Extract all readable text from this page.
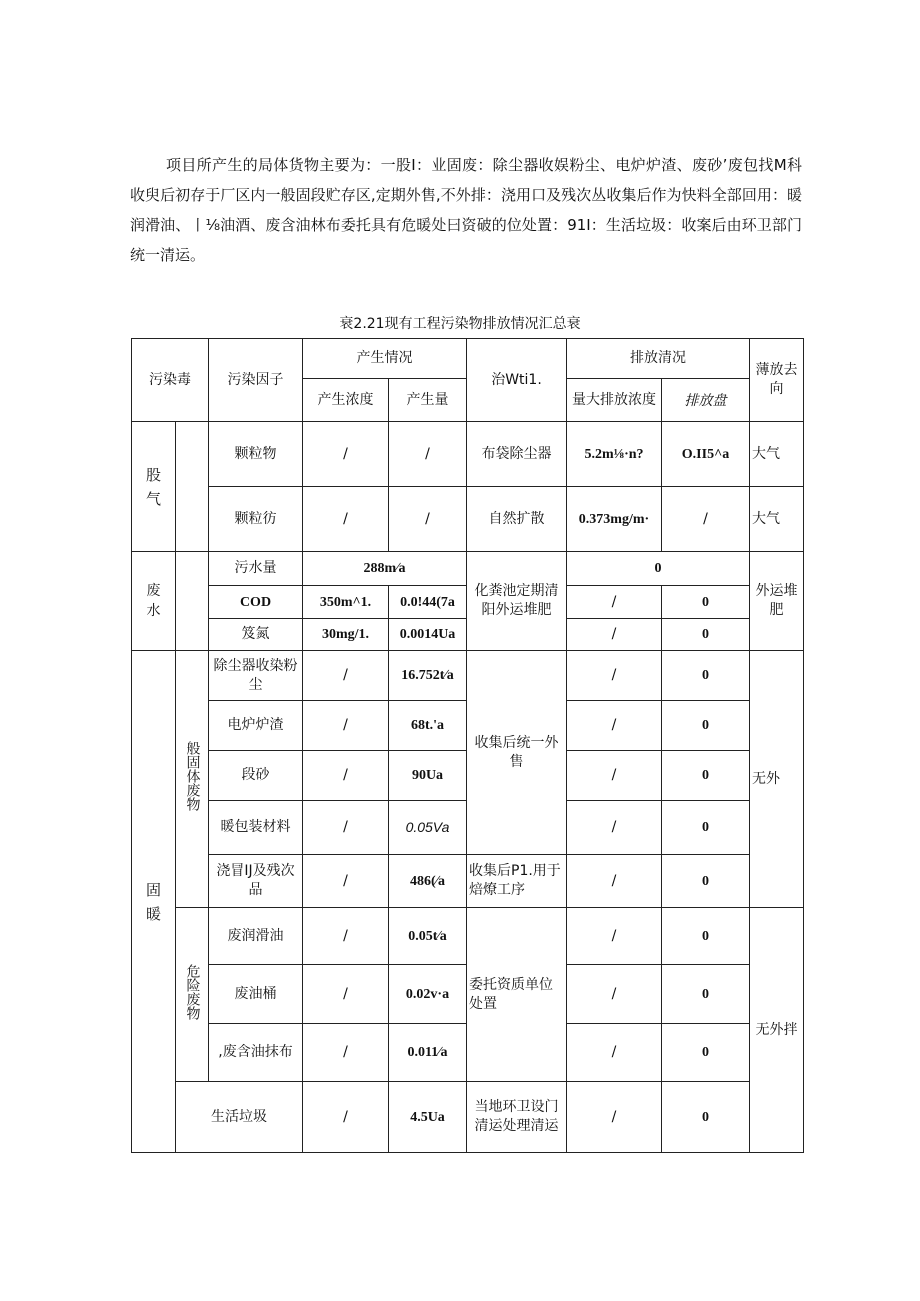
项目所产生的局体货物主要为：一股I：业固废：除尘器收娱粉尘、电炉炉渣、废砂’废包找M科收臾后初存于厂区内一般固段贮存区,定期外售,不外排：浇用口及残次丛收集后作为快料全部回用：暖润滑油、丨⅛油酒、废含油林布委托具有危暖处曰资破的位处置：91I：生活垃圾：收案后由环卫部门统一清运。

衰2.21现有工程污染物排放情况汇总衰

污染毒		污染因子	产生情况		治Wti1.	排放清况		薄放去向
			产生浓度	产生量		量大排放浓度	排放盘	
股气		颗粒物	/	/	布袋除尘器	5.2m⅛·n?	O.II5^a	大气
		颗粒彷	/	/	自然扩散	0.373mg/m·	/	大气
废水		污水量	288m∕a		化粪池定期清阳外运堆肥	0		外运堆肥
		COD	350m^1.	0.0!44(7a		/	0	
		笈氮	30mg/1.	0.0014Ua		/	0	
固暖	般固体废物	除尘器收染粉尘	/	16.752t∕a	收集后统一外售	/	0	无外
		电炉炉渣	/	68t.'a		/	0	
		段砂	/	90Ua		/	0	
		暖包装材料	/	0.05Va		/	0	
		浇冒IJ及残次品	/	486(∕a	收集后P1.用于焙燎工序	/	0	
	危险废物	废润滑油	/	0.05t∕a	委托资质单位处置	/	0	无外拌
		废油桶	/	0.02v·a		/	0	
		,废含油抹布	/	0.011∕a		/	0	
	生活垃圾		/	4.5Ua	当地环卫设门清运处理清运	/	0	
